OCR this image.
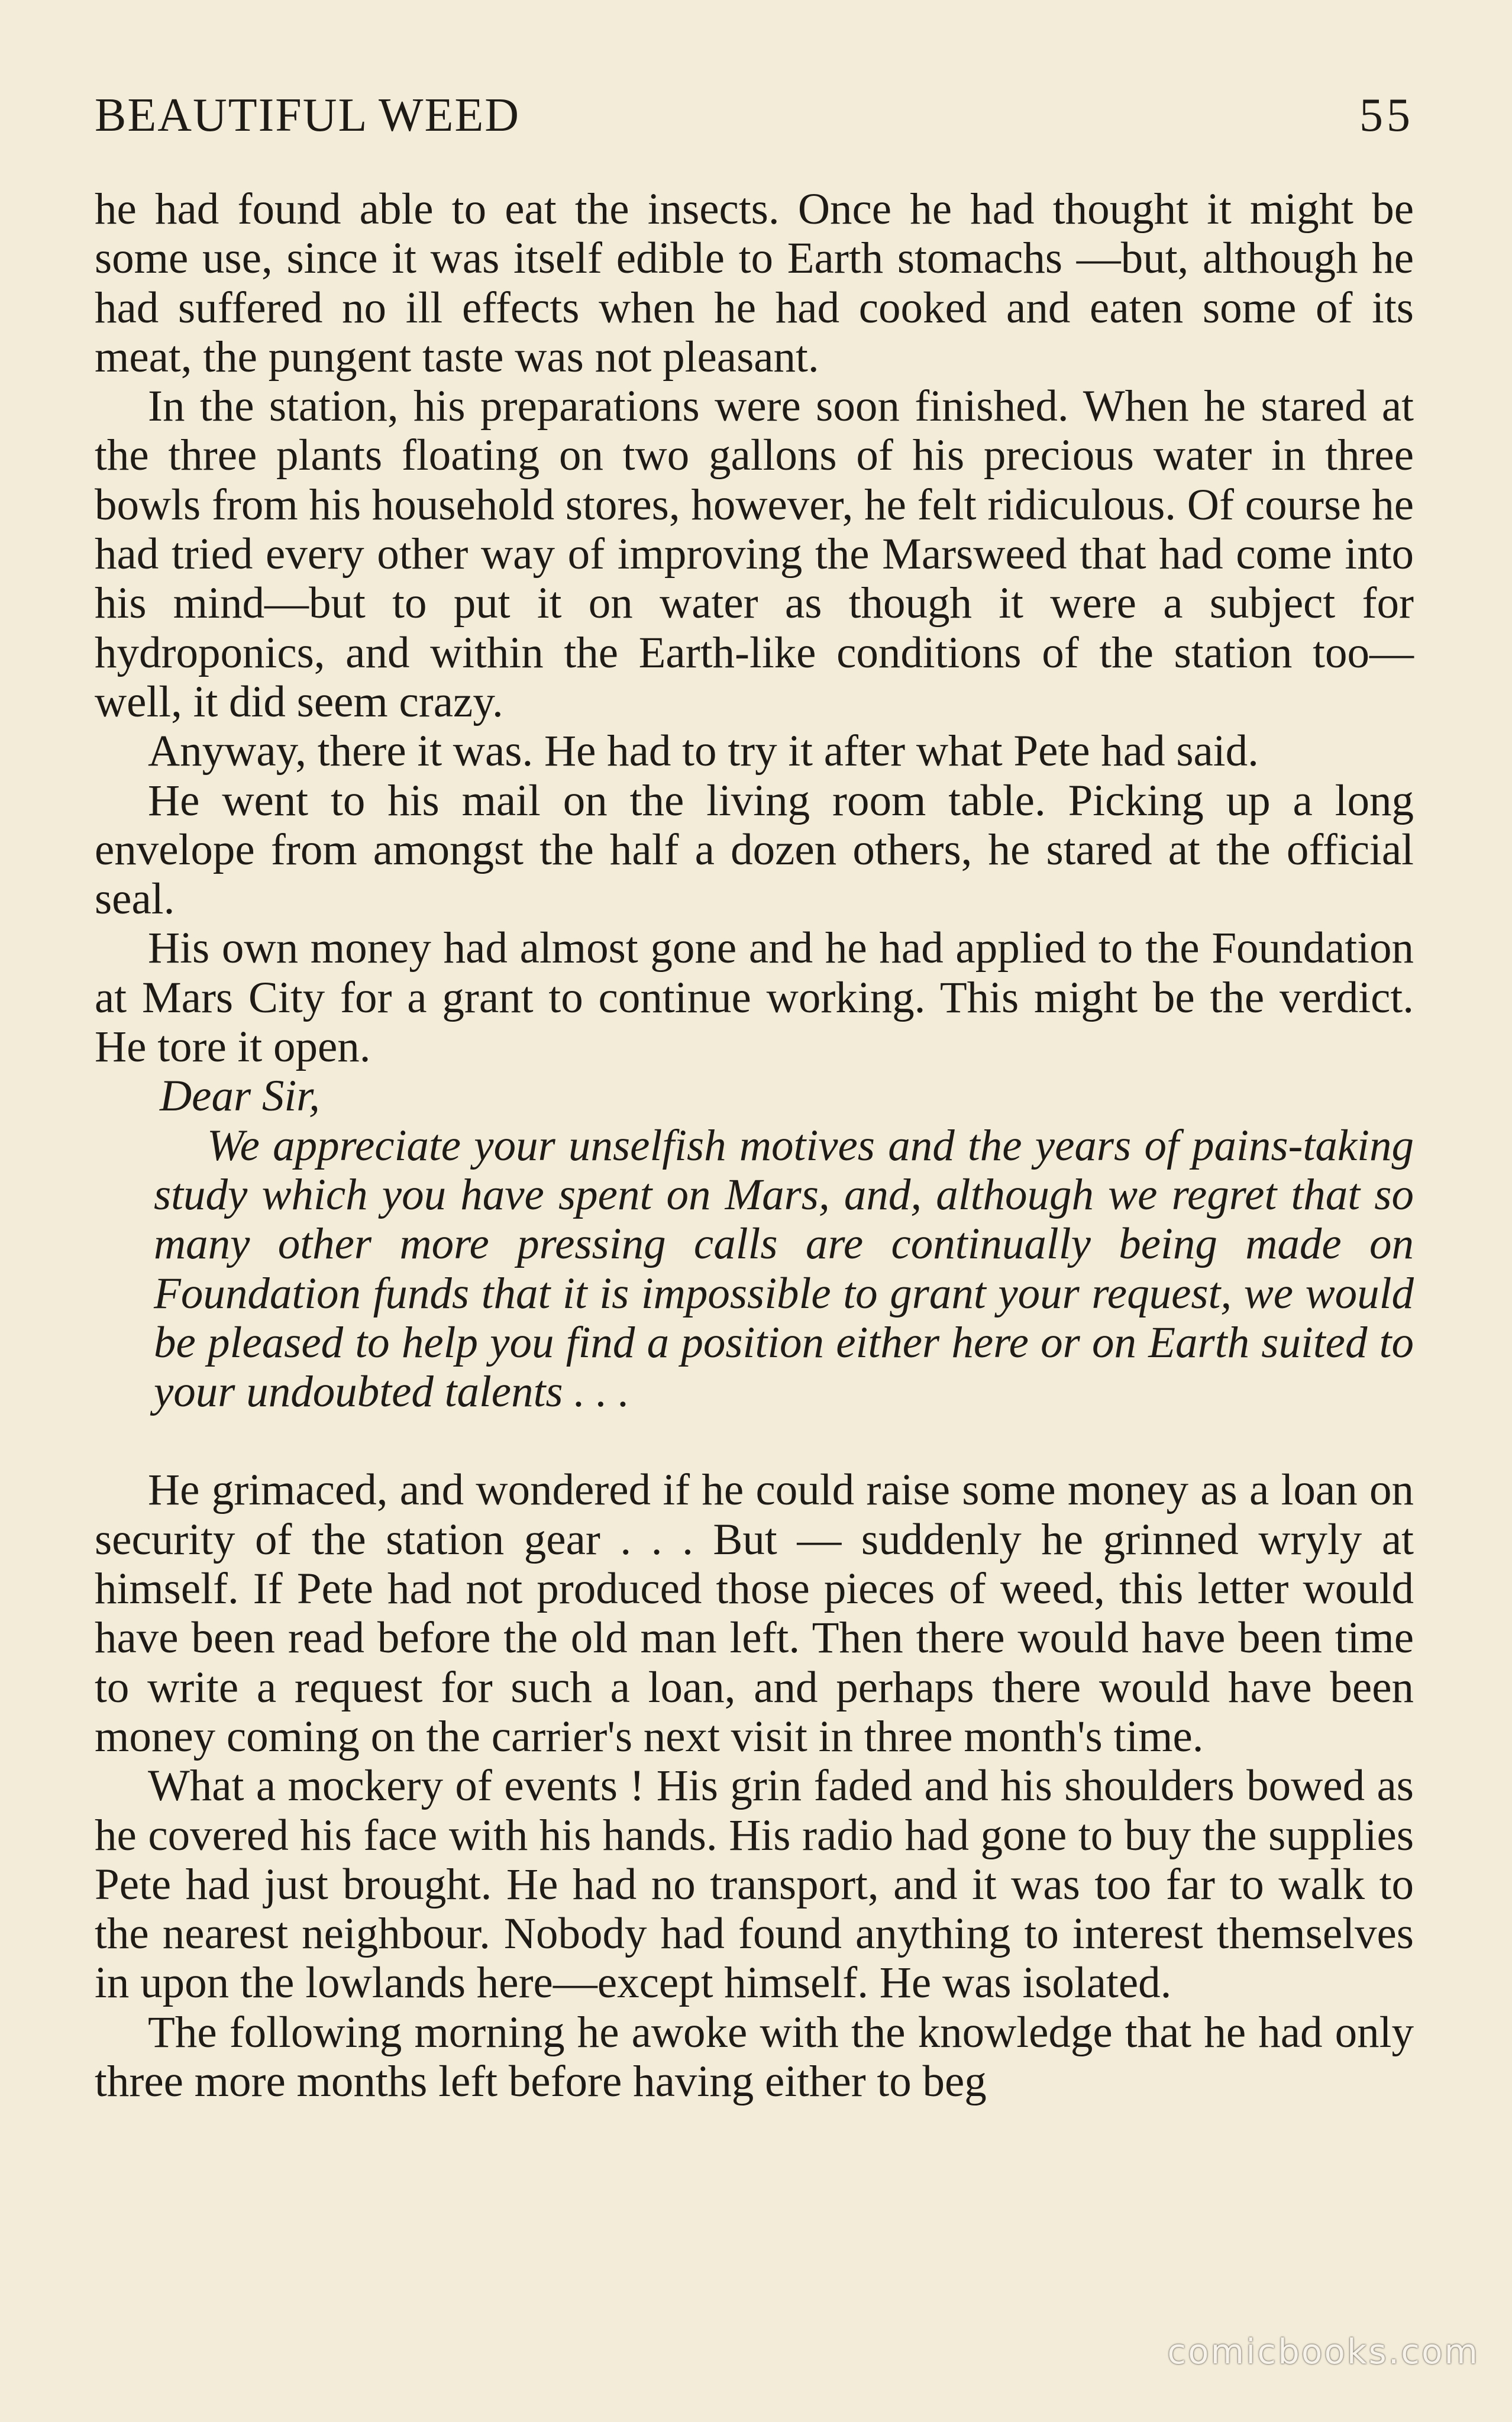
BEAUTIFUL WEED	55

he had found able to eat the insects. Once he had thought it might be some use, since it was itself edible to Earth stomachs —but, although he had suffered no ill effects when he had cooked and eaten some of its meat, the pungent taste was not pleasant.

In the station, his preparations were soon finished. When he stared at the three plants floating on two gallons of his precious water in three bowls from his household stores, however, he felt ridiculous. Of course he had tried every other way of improving the Marsweed that had come into his mind—but to put it on water as though it were a subject for hydroponics, and within the Earth-like conditions of the station too—well, it did seem crazy.

Anyway, there it was. He had to try it after what Pete had said.

He went to his mail on the living room table. Picking up a long envelope from amongst the half a dozen others, he stared at the official seal.

His own money had almost gone and he had applied to the Foundation at Mars City for a grant to continue working. This might be the verdict. He tore it open.

Dear Sir,

We appreciate your unselfish motives and the years of pains-taking study which you have spent on Mars, and, although we regret that so many other more pressing calls are continually being made on Foundation funds that it is impossible to grant your request, we would be pleased to help you find a position either here or on Earth suited to your undoubted talents . . .

He grimaced, and wondered if he could raise some money as a loan on security of the station gear . . . But — suddenly he grinned wryly at himself. If Pete had not produced those pieces of weed, this letter would have been read before the old man left. Then there would have been time to write a request for such a loan, and perhaps there would have been money coming on the carrier's next visit in three month's time.

What a mockery of events ! His grin faded and his shoulders bowed as he covered his face with his hands. His radio had gone to buy the supplies Pete had just brought. He had no transport, and it was too far to walk to the nearest neighbour. Nobody had found anything to interest themselves in upon the lowlands here—except himself. He was isolated.

The following morning he awoke with the knowledge that he had only three more months left before having either to beg

comicbooks.com
